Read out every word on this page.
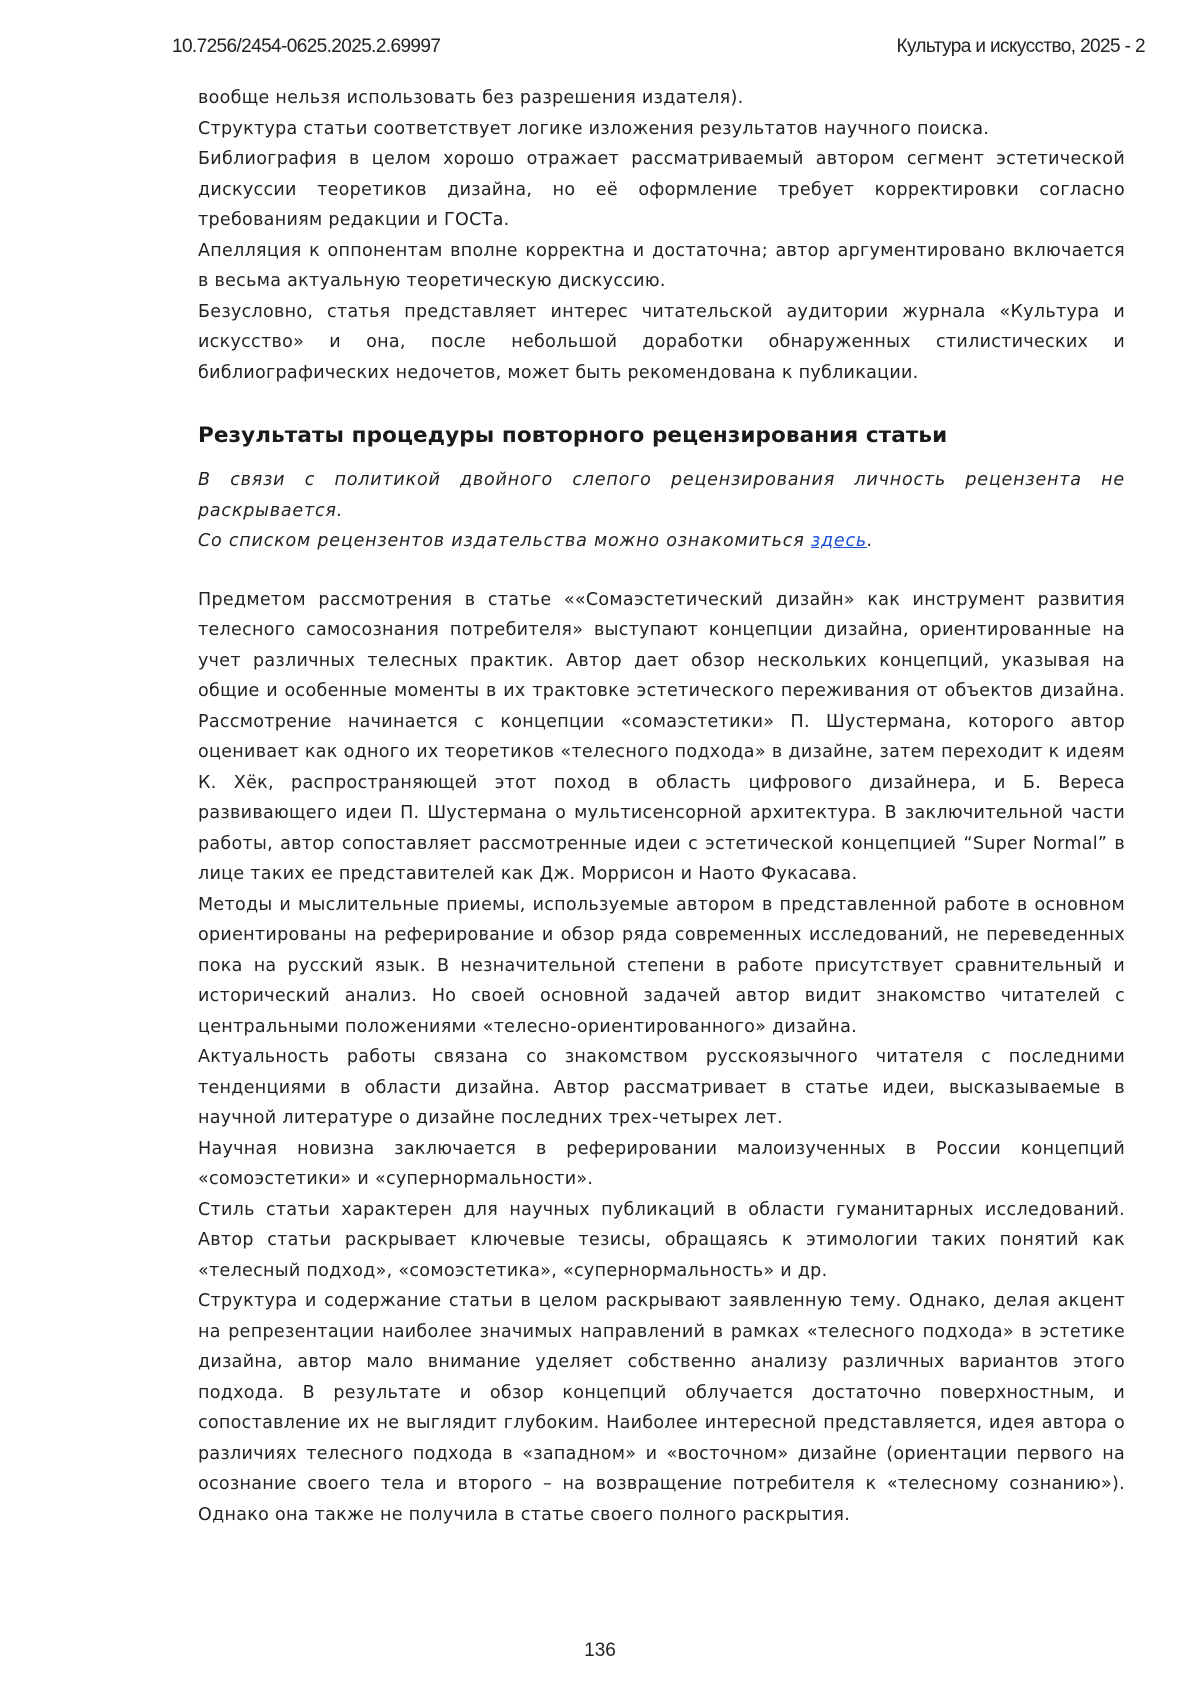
10.7256/2454-0625.2025.2.69997	Культура и искусство, 2025 - 2

вообще нельзя использовать без разрешения издателя).

Структура статьи соответствует логике изложения результатов научного поиска.

Библиография в целом хорошо отражает рассматриваемый автором сегмент эстетической дискуссии теоретиков дизайна, но её оформление требует корректировки согласно требованиям редакции и ГОСТа.

Апелляция к оппонентам вполне корректна и достаточна; автор аргументировано включается в весьма актуальную теоретическую дискуссию.

Безусловно, статья представляет интерес читательской аудитории журнала «Культура и искусство» и она, после небольшой доработки обнаруженных стилистических и библиографических недочетов, может быть рекомендована к публикации.

Результаты процедуры повторного рецензирования статьи

В связи с политикой двойного слепого рецензирования личность рецензента не раскрывается.

Со списком рецензентов издательства можно ознакомиться здесь.

Предметом рассмотрения в статье ««Сомаэстетический дизайн» как инструмент развития телесного самосознания потребителя» выступают концепции дизайна, ориентированные на учет различных телесных практик. Автор дает обзор нескольких концепций, указывая на общие и особенные моменты в их трактовке эстетического переживания от объектов дизайна. Рассмотрение начинается с концепции «сомаэстетики» П. Шустермана, которого автор оценивает как одного их теоретиков «телесного подхода» в дизайне, затем переходит к идеям К. Хёк, распространяющей этот поход в область цифрового дизайнера, и Б. Вереса развивающего идеи П. Шустермана о мультисенсорной архитектура. В заключительной части работы, автор сопоставляет рассмотренные идеи с эстетической концепцией “Super Normal” в лице таких ее представителей как Дж. Моррисон и Наото Фукасава.

Методы и мыслительные приемы, используемые автором в представленной работе в основном ориентированы на реферирование и обзор ряда современных исследований, не переведенных пока на русский язык. В незначительной степени в работе присутствует сравнительный и исторический анализ. Но своей основной задачей автор видит знакомство читателей с центральными положениями «телесно-ориентированного» дизайна.

Актуальность работы связана со знакомством русскоязычного читателя с последними тенденциями в области дизайна. Автор рассматривает в статье идеи, высказываемые в научной литературе о дизайне последних трех-четырех лет.

Научная новизна заключается в реферировании малоизученных в России концепций «сомоэстетики» и «супернормальности».

Стиль статьи характерен для научных публикаций в области гуманитарных исследований. Автор статьи раскрывает ключевые тезисы, обращаясь к этимологии таких понятий как «телесный подход», «сомоэстетика», «супернормальность» и др.

Структура и содержание статьи в целом раскрывают заявленную тему. Однако, делая акцент на репрезентации наиболее значимых направлений в рамках «телесного подхода» в эстетике дизайна, автор мало внимание уделяет собственно анализу различных вариантов этого подхода. В результате и обзор концепций облучается достаточно поверхностным, и сопоставление их не выглядит глубоким. Наиболее интересной представляется, идея автора о различиях телесного подхода в «западном» и «восточном» дизайне (ориентации первого на осознание своего тела и второго – на возвращение потребителя к «телесному сознанию»). Однако она также не получила в статье своего полного раскрытия.

136
